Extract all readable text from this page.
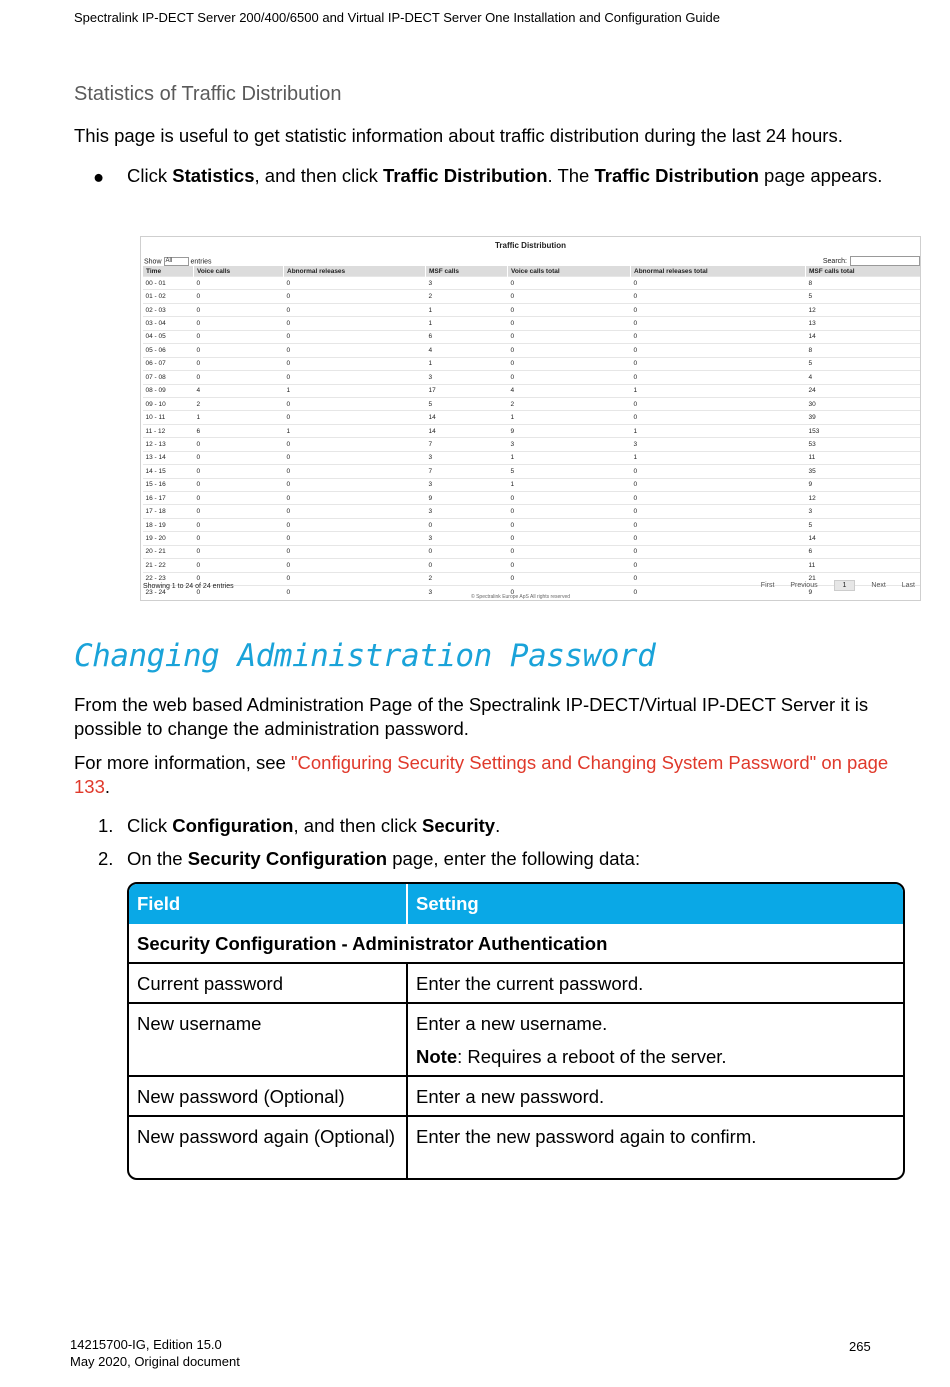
Spectralink IP-DECT Server 200/400/6500 and Virtual IP-DECT Server One Installation and Configuration Guide
Statistics of Traffic Distribution
This page is useful to get statistic information about traffic distribution during the last 24 hours.
● Click Statistics, and then click Traffic Distribution. The Traffic Distribution page appears.
Traffic Distribution
Show All	entries	Search:
Time	Voice calls	Abnormal releases	MSF calls	Voice calls total	Abnormal releases total	MSF calls total
00 - 01	0	0	3	0	0	8
01 - 02	0	0	2	0	0	5
02 - 03	0	0	1	0	0	12
03 - 04	0	0	1	0	0	13
04 - 05	0	0	6	0	0	14
05 - 06	0	0	4	0	0	8
06 - 07	0	0	1	0	0	5
07 - 08	0	0	3	0	0	4
08 - 09	4	1	17	4	1	24
09 - 10	2	0	5	2	0	30
10 - 11	1	0	14	1	0	39
11 - 12	6	1	14	9	1	153
12 - 13	0	0	7	3	3	53
13 - 14	0	0	3	1	1	11
14 - 15	0	0	7	5	0	35
15 - 16	0	0	3	1	0	9
16 - 17	0	0	9	0	0	12
17 - 18	0	0	3	0	0	3
18 - 19	0	0	0	0	0	5
19 - 20	0	0	3	0	0	14
20 - 21	0	0	0	0	0	6
21 - 22	0	0	0	0	0	11
22 - 23	0	0	2	0	0	21
23 - 24	0	0	3	0	0	9
Showing 1 to 24 of 24 entries	First Previous	1	Next Last
© Spectralink Europe ApS All rights reserved
Changing Administration Password
From the web based Administration Page of the Spectralink IP-DECT/Virtual IP-DECT Server it is possible to change the administration password.
For more information, see "Configuring Security Settings and Changing System Password" on page 133.
1. Click Configuration, and then click Security.
2. On the Security Configuration page, enter the following data:
Field	Setting
Security Configuration - Administrator Authentication
Current password	Enter the current password.
New username	Enter a new username.
Note: Requires a reboot of the server.
New password (Optional)	Enter a new password.
New password again (Optional)	Enter the new password again to confirm.
14215700-IG, Edition 15.0
May 2020, Original document
265
